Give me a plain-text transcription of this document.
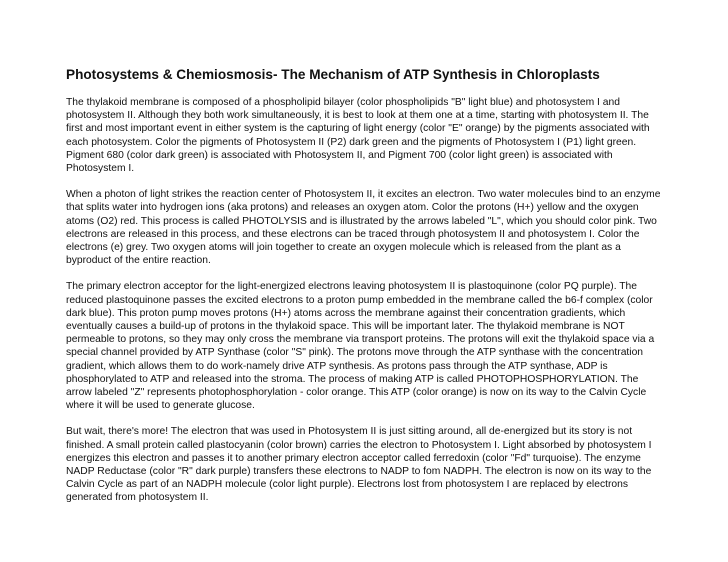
Photosystems & Chemiosmosis- The Mechanism of ATP Synthesis in Chloroplasts

The thylakoid membrane is composed of a phospholipid bilayer (color phospholipids "B" light blue) and photosystem I and photosystem II. Although they both work simultaneously, it is best to look at them one at a time, starting with photosystem II. The first and most important event in either system is the capturing of light energy (color "E" orange) by the pigments associated with each photosystem. Color the pigments of Photosystem II (P2) dark green and the pigments of Photosystem I (P1) light green. Pigment 680 (color dark green) is associated with Photosystem II, and Pigment 700 (color light green) is associated with Photosystem I.

When a photon of light strikes the reaction center of Photosystem II, it excites an electron. Two water molecules bind to an enzyme that splits water into hydrogen ions (aka protons) and releases an oxygen atom. Color the protons (H+) yellow and the oxygen atoms (O2) red. This process is called PHOTOLYSIS and is illustrated by the arrows labeled "L", which you should color pink. Two electrons are released in this process, and these electrons can be traced through photosystem II and photosystem I. Color the electrons (e) grey. Two oxygen atoms will join together to create an oxygen molecule which is released from the plant as a byproduct of the entire reaction.

The primary electron acceptor for the light-energized electrons leaving photosystem II is plastoquinone (color PQ purple). The reduced plastoquinone passes the excited electrons to a proton pump embedded in the membrane called the b6-f complex (color dark blue). This proton pump moves protons (H+) atoms across the membrane against their concentration gradients, which eventually causes a build-up of protons in the thylakoid space. This will be important later. The thylakoid membrane is NOT permeable to protons, so they may only cross the membrane via transport proteins. The protons will exit the thylakoid space via a special channel provided by ATP Synthase (color "S" pink). The protons move through the ATP synthase with the concentration gradient, which allows them to do work-namely drive ATP synthesis. As protons pass through the ATP synthase, ADP is phosphorylated to ATP and released into the stroma. The process of making ATP is called PHOTOPHOSPHORYLATION. The arrow labeled "Z" represents photophosphorylation - color orange. This ATP (color orange) is now on its way to the Calvin Cycle where it will be used to generate glucose.

But wait, there's more! The electron that was used in Photosystem II is just sitting around, all de-energized but its story is not finished. A small protein called plastocyanin (color brown) carries the electron to Photosystem I. Light absorbed by photosystem I energizes this electron and passes it to another primary electron acceptor called ferredoxin (color "Fd" turquoise). The enzyme NADP Reductase (color "R" dark purple) transfers these electrons to NADP to fom NADPH. The electron is now on its way to the Calvin Cycle as part of an NADPH molecule (color light purple). Electrons lost from photosystem I are replaced by electrons generated from photosystem II.
